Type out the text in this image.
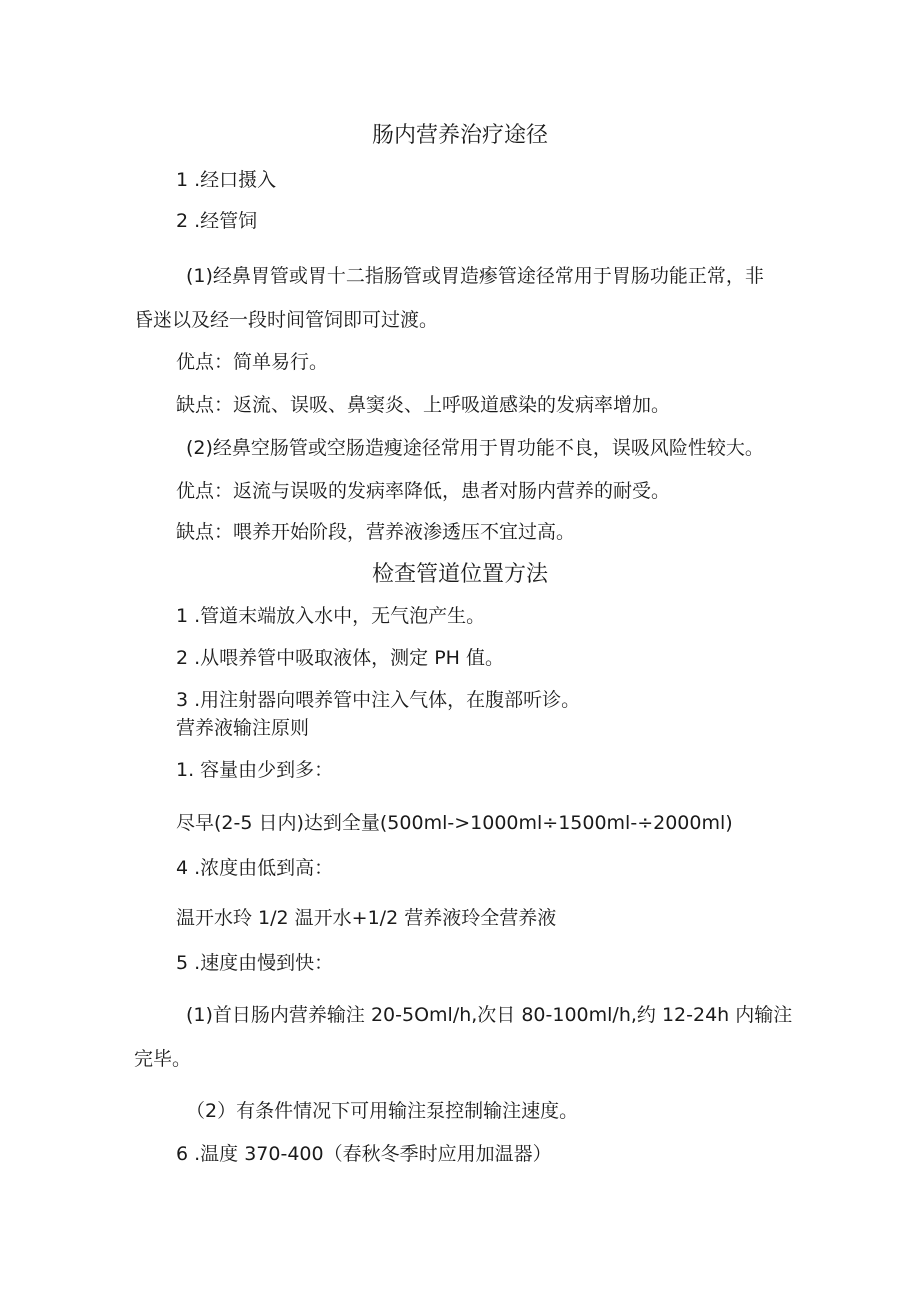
肠内营养治疗途径
1 .经口摄入
2 .经管饲
(1)经鼻胃管或胃十二指肠管或胃造瘆管途径常用于胃肠功能正常，非
昏迷以及经一段时间管饲即可过渡。
优点：简单易行。
缺点：返流、误吸、鼻窦炎、上呼吸道感染的发病率增加。
(2)经鼻空肠管或空肠造瘦途径常用于胃功能不良，误吸风险性较大。
优点：返流与误吸的发病率降低，患者对肠内营养的耐受。
缺点：喂养开始阶段，营养液渗透压不宜过高。
检查管道位置方法
1 .管道末端放入水中，无气泡产生。
2 .从喂养管中吸取液体，测定 PH 值。
3 .用注射器向喂养管中注入气体，在腹部听诊。
营养液输注原则
1. 容量由少到多：
尽早(2-5 日内)达到全量(500ml->1000ml÷1500ml-÷2000ml)
4 .浓度由低到高：
温开水玲 1/2 温开水+1/2 营养液玲全营养液
5 .速度由慢到快：
(1)首日肠内营养输注 20-5Oml/h,次日 80-100ml∕h,约 12-24h 内输注
完毕。
（2）有条件情况下可用输注泵控制输注速度。
6 .温度 370-400（春秋冬季时应用加温器）
